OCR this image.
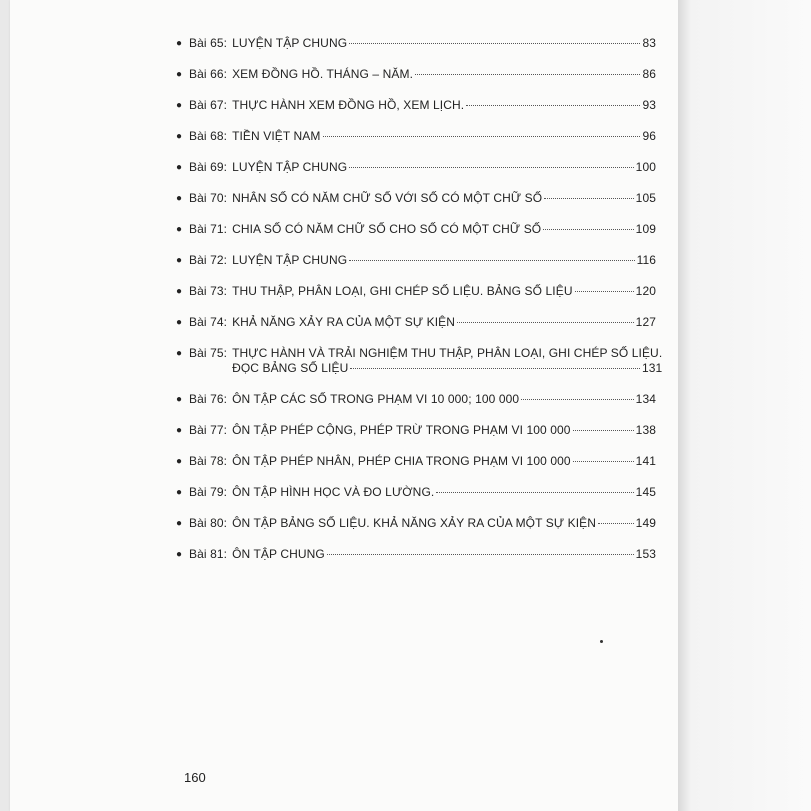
● Bài 65: LUYỆN TẬP CHUNG	83
● Bài 66: XEM ĐỒNG HỒ. THÁNG – NĂM.	86
● Bài 67: THỰC HÀNH XEM ĐỒNG HỒ, XEM LỊCH.	93
● Bài 68: TIỀN VIỆT NAM	96
● Bài 69: LUYỆN TẬP CHUNG	100
● Bài 70: NHÂN SỐ CÓ NĂM CHỮ SỐ VỚI SỐ CÓ MỘT CHỮ SỐ	105
● Bài 71: CHIA SỐ CÓ NĂM CHỮ SỐ CHO SỐ CÓ MỘT CHỮ SỐ	109
● Bài 72: LUYỆN TẬP CHUNG	116
● Bài 73: THU THẬP, PHÂN LOẠI, GHI CHÉP SỐ LIỆU. BẢNG SỐ LIỆU	120
● Bài 74: KHẢ NĂNG XẢY RA CỦA MỘT SỰ KIỆN	127
● Bài 75: THỰC HÀNH VÀ TRẢI NGHIỆM THU THẬP, PHÂN LOẠI, GHI CHÉP SỐ LIỆU.
ĐỌC BẢNG SỐ LIỆU	131
● Bài 76: ÔN TẬP CÁC SỐ TRONG PHẠM VI 10 000; 100 000	134
● Bài 77: ÔN TẬP PHÉP CỘNG, PHÉP TRỪ TRONG PHẠM VI 100 000	138
● Bài 78: ÔN TẬP PHÉP NHÂN, PHÉP CHIA TRONG PHẠM VI 100 000	141
● Bài 79: ÔN TẬP HÌNH HỌC VÀ ĐO LƯỜNG.	145
● Bài 80: ÔN TẬP BẢNG SỐ LIỆU. KHẢ NĂNG XẢY RA CỦA MỘT SỰ KIỆN	149
● Bài 81: ÔN TẬP CHUNG	153
160
